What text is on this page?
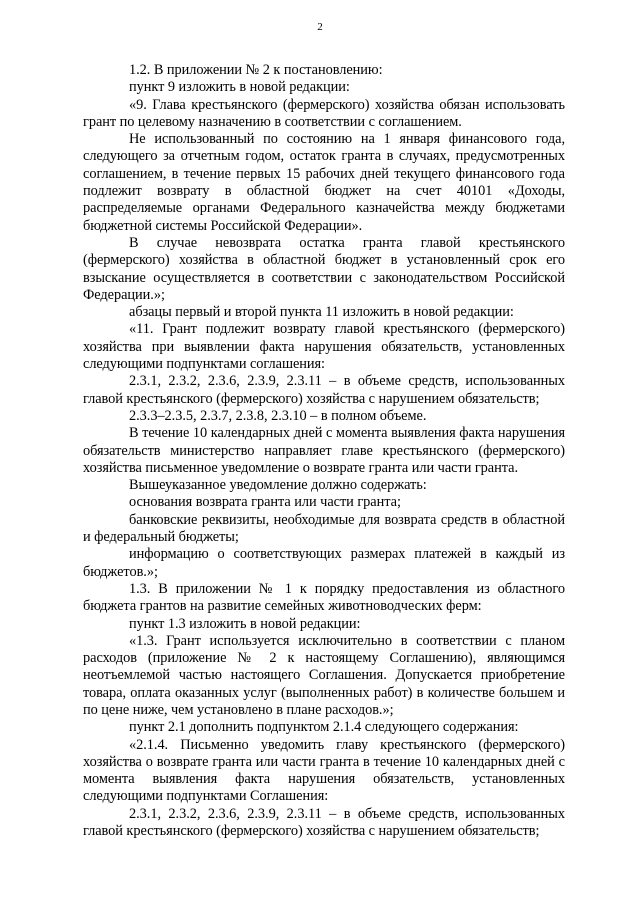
2

1.2. В приложении № 2 к постановлению:

пункт 9 изложить в новой редакции:

«9. Глава крестьянского (фермерского) хозяйства обязан использовать грант по целевому назначению в соответствии с соглашением.

Не использованный по состоянию на 1 января финансового года, следующего за отчетным годом, остаток гранта в случаях, предусмотренных соглашением, в течение первых 15 рабочих дней текущего финансового года подлежит возврату в областной бюджет на счет 40101 «Доходы, распределяемые органами Федерального казначейства между бюджетами бюджетной системы Российской Федерации».

В случае невозврата остатка гранта главой крестьянского (фермерского) хозяйства в областной бюджет в установленный срок его взыскание осуществляется в соответствии с законодательством Российской Федерации.»;

абзацы первый и второй пункта 11 изложить в новой редакции:

«11. Грант подлежит возврату главой крестьянского (фермерского) хозяйства при выявлении факта нарушения обязательств, установленных следующими подпунктами соглашения:

2.3.1, 2.3.2, 2.3.6, 2.3.9, 2.3.11 – в объеме средств, использованных главой крестьянского (фермерского) хозяйства с нарушением обязательств;

2.3.3–2.3.5, 2.3.7, 2.3.8, 2.3.10 – в полном объеме.

В течение 10 календарных дней с момента выявления факта нарушения обязательств министерство направляет главе крестьянского (фермерского) хозяйства письменное уведомление о возврате гранта или части гранта.

Вышеуказанное уведомление должно содержать:

основания возврата гранта или части гранта;

банковские реквизиты, необходимые для возврата средств в областной и федеральный бюджеты;

информацию о соответствующих размерах платежей в каждый из бюджетов.»;

1.3. В приложении № 1 к порядку предоставления из областного бюджета грантов на развитие семейных животноводческих ферм:

пункт 1.3 изложить в новой редакции:

«1.3. Грант используется исключительно в соответствии с планом расходов (приложение № 2 к настоящему Соглашению), являющимся неотъемлемой частью настоящего Соглашения. Допускается приобретение товара, оплата оказанных услуг (выполненных работ) в количестве большем и по цене ниже, чем установлено в плане расходов.»;

пункт 2.1 дополнить подпунктом 2.1.4 следующего содержания:

«2.1.4. Письменно уведомить главу крестьянского (фермерского) хозяйства о возврате гранта или части гранта в течение 10 календарных дней с момента выявления факта нарушения обязательств, установленных следующими подпунктами Соглашения:

2.3.1, 2.3.2, 2.3.6, 2.3.9, 2.3.11 – в объеме средств, использованных главой крестьянского (фермерского) хозяйства с нарушением обязательств;
